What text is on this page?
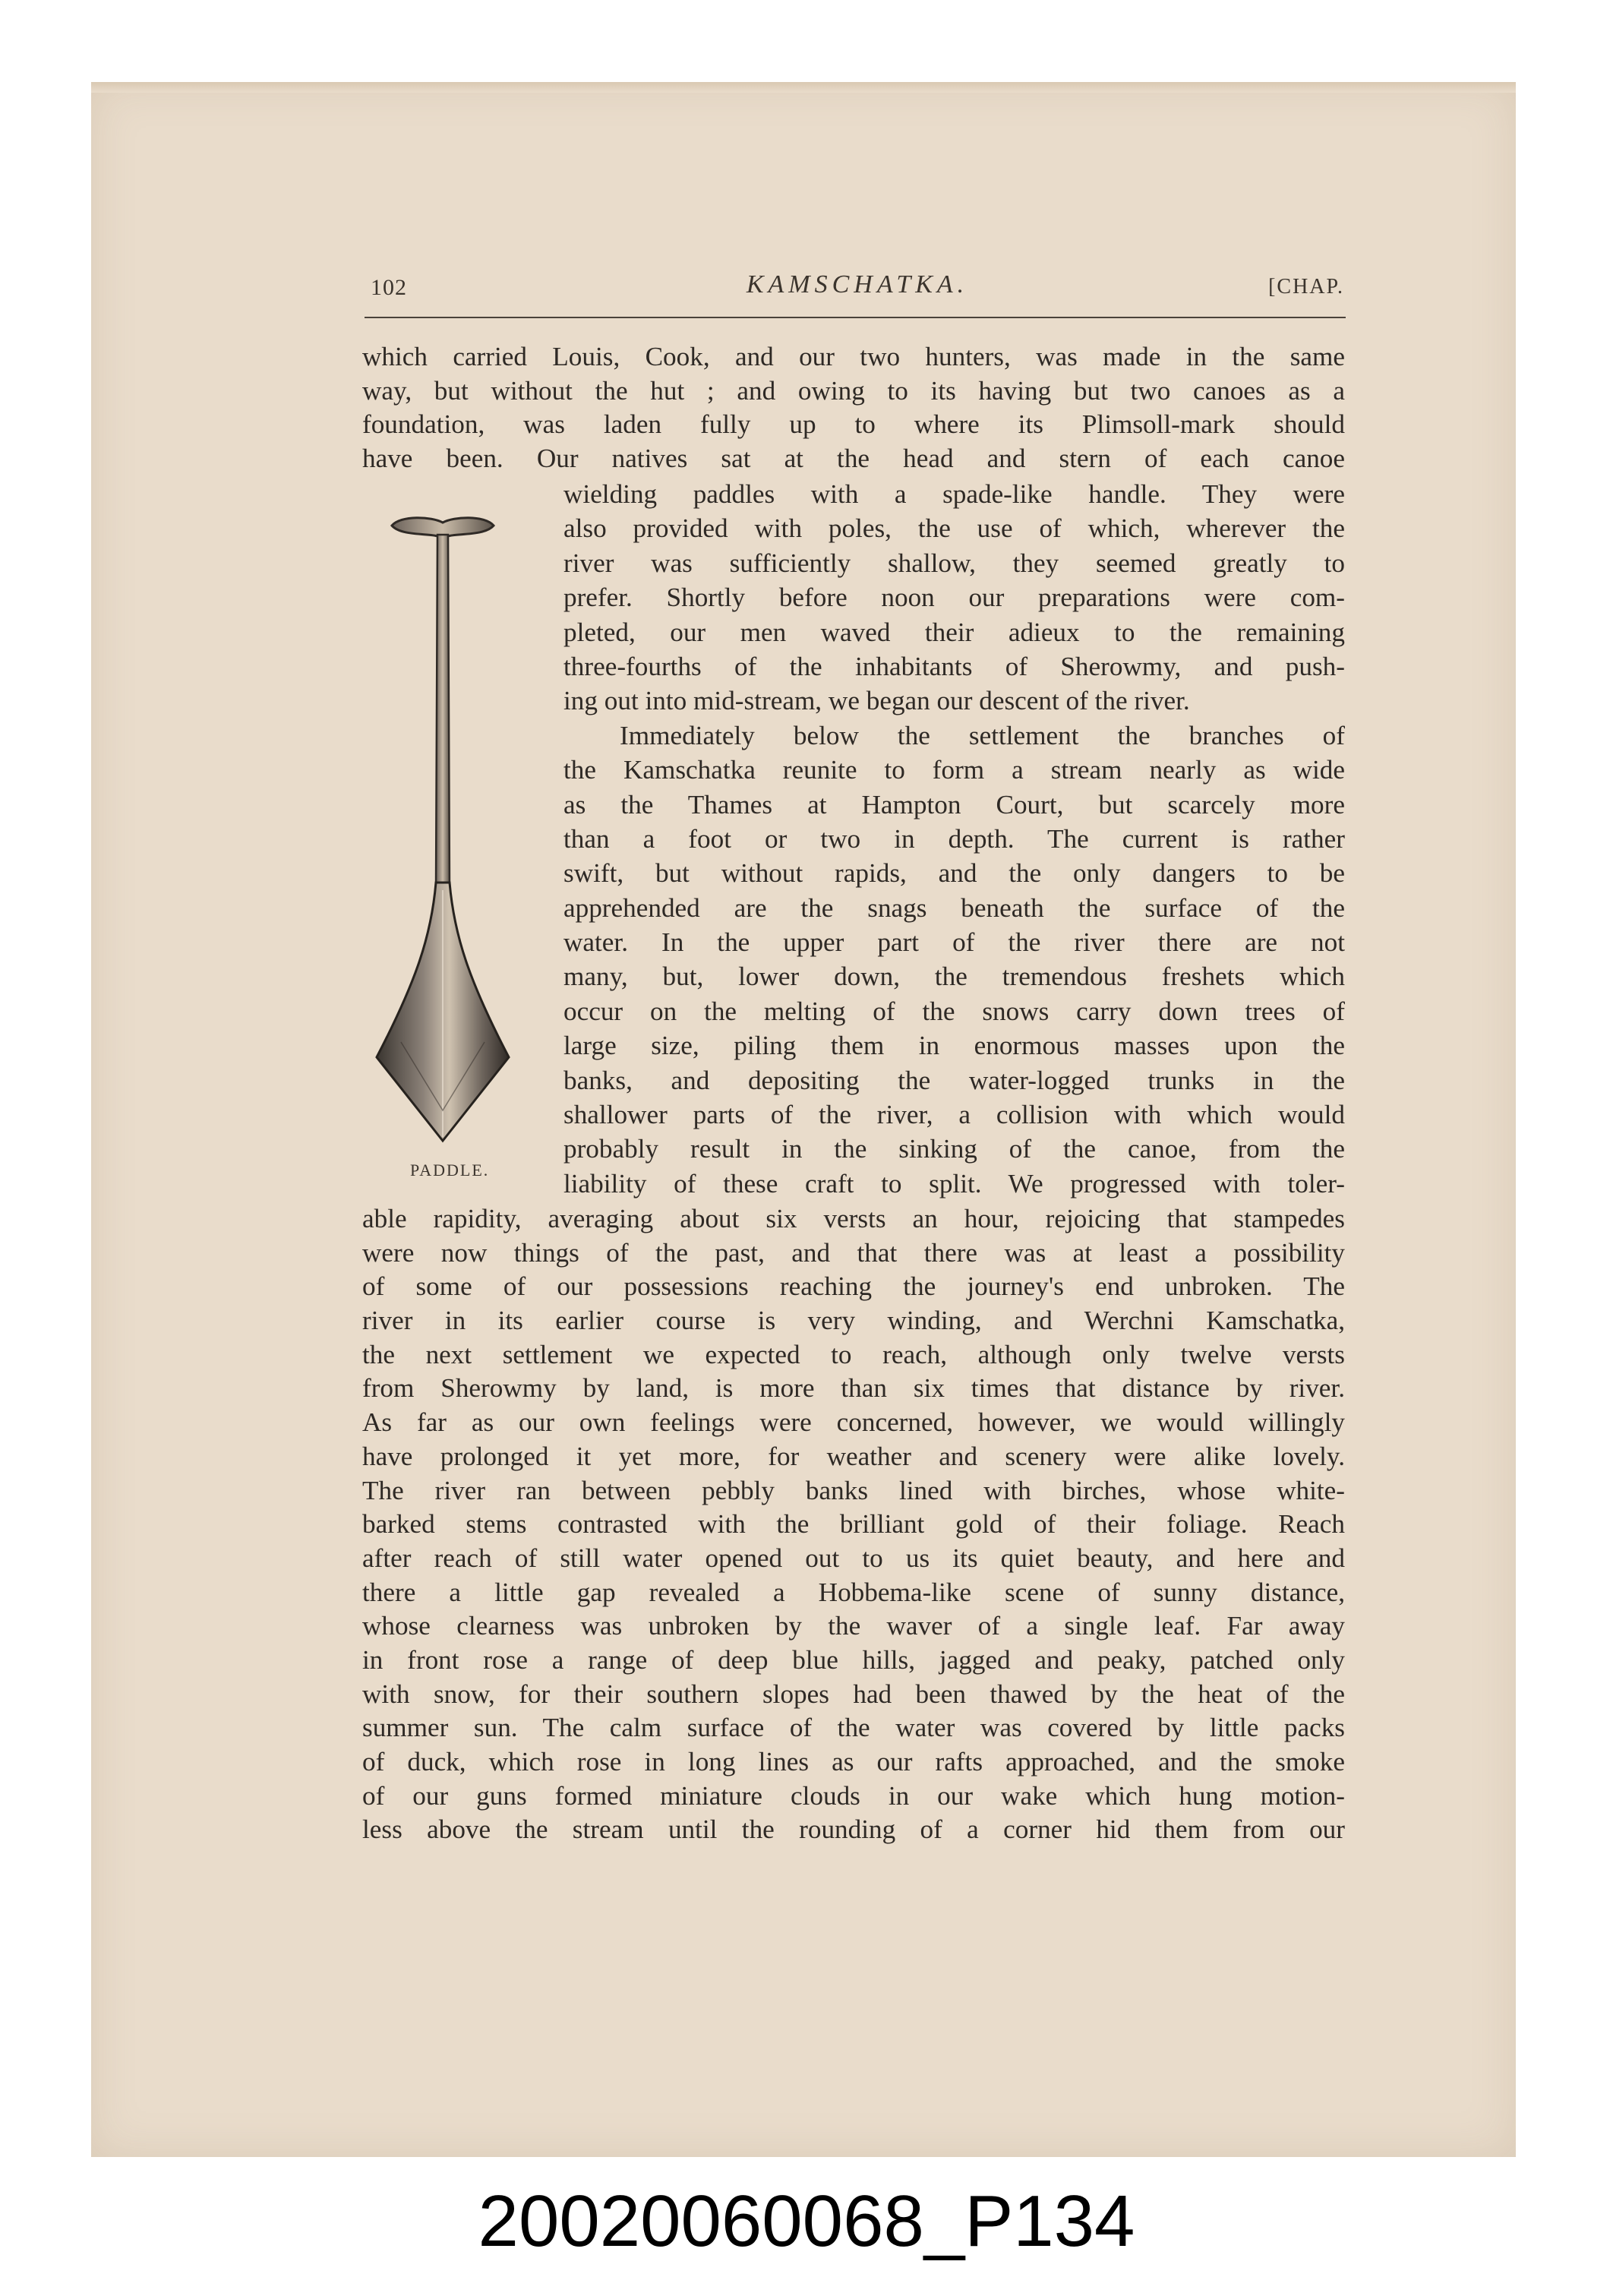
102	KAMSCHATKA.	[CHAP.
which carried Louis, Cook, and our two hunters, was made in the same
way, but without the hut ; and owing to its having but two canoes as a
foundation, was laden fully up to where its Plimsoll-mark should
have been. Our natives sat at the head and stern of each canoe
PADDLE.
wielding paddles with a spade-like handle. They were
also provided with poles, the use of which, wherever the
river was sufficiently shallow, they seemed greatly to
prefer. Shortly before noon our preparations were com-
pleted, our men waved their adieux to the remaining
three-fourths of the inhabitants of Sherowmy, and push-
ing out into mid-stream, we began our descent of the river.
Immediately below the settlement the branches of
the Kamschatka reunite to form a stream nearly as wide
as the Thames at Hampton Court, but scarcely more
than a foot or two in depth. The current is rather
swift, but without rapids, and the only dangers to be
apprehended are the snags beneath the surface of the
water. In the upper part of the river there are not
many, but, lower down, the tremendous freshets which
occur on the melting of the snows carry down trees of
large size, piling them in enormous masses upon the
banks, and depositing the water-logged trunks in the
shallower parts of the river, a collision with which would
probably result in the sinking of the canoe, from the
liability of these craft to split. We progressed with toler-
able rapidity, averaging about six versts an hour, rejoicing that stampedes
were now things of the past, and that there was at least a possibility
of some of our possessions reaching the journey's end unbroken. The
river in its earlier course is very winding, and Werchni Kamschatka,
the next settlement we expected to reach, although only twelve versts
from Sherowmy by land, is more than six times that distance by river.
As far as our own feelings were concerned, however, we would willingly
have prolonged it yet more, for weather and scenery were alike lovely.
The river ran between pebbly banks lined with birches, whose white-
barked stems contrasted with the brilliant gold of their foliage. Reach
after reach of still water opened out to us its quiet beauty, and here and
there a little gap revealed a Hobbema-like scene of sunny distance,
whose clearness was unbroken by the waver of a single leaf. Far away
in front rose a range of deep blue hills, jagged and peaky, patched only
with snow, for their southern slopes had been thawed by the heat of the
summer sun. The calm surface of the water was covered by little packs
of duck, which rose in long lines as our rafts approached, and the smoke
of our guns formed miniature clouds in our wake which hung motion-
less above the stream until the rounding of a corner hid them from our
20020060068_P134
